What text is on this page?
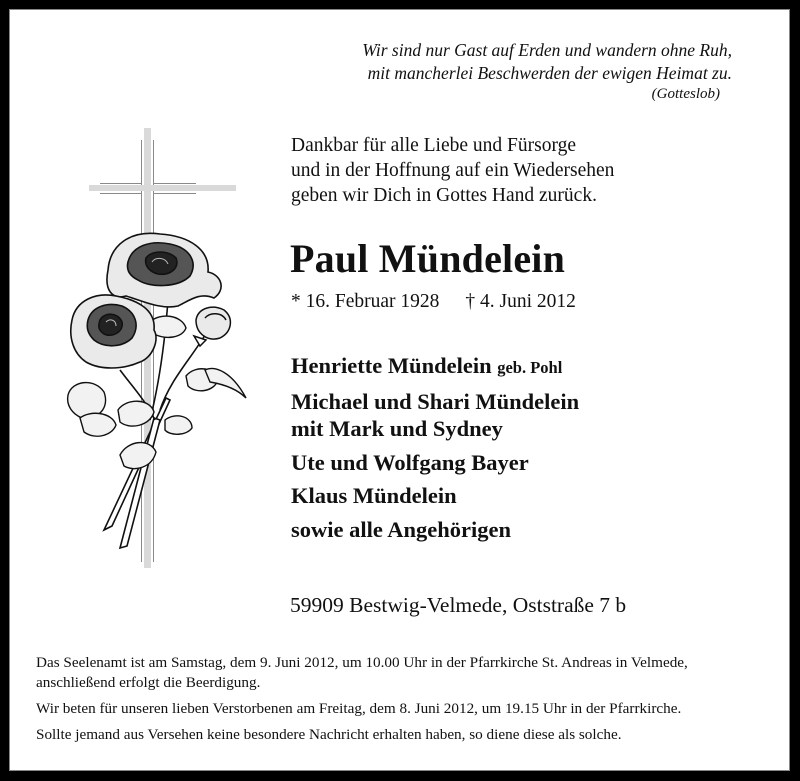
Wir sind nur Gast auf Erden und wandern ohne Ruh,
mit mancherlei Beschwerden der ewigen Heimat zu.
(Gotteslob)
Dankbar für alle Liebe und Fürsorge
und in der Hoffnung auf ein Wiedersehen
geben wir Dich in Gottes Hand zurück.
Paul Mündelein
* 16. Februar 1928 † 4. Juni 2012
Henriette Mündelein geb. Pohl
Michael und Shari Mündelein
mit Mark und Sydney
Ute und Wolfgang Bayer
Klaus Mündelein
sowie alle Angehörigen
59909 Bestwig-Velmede, Oststraße 7 b
Das Seelenamt ist am Samstag, dem 9. Juni 2012, um 10.00 Uhr in der Pfarrkirche St. Andreas in Velmede,
anschließend erfolgt die Beerdigung.
Wir beten für unseren lieben Verstorbenen am Freitag, dem 8. Juni 2012, um 19.15 Uhr in der Pfarrkirche.
Sollte jemand aus Versehen keine besondere Nachricht erhalten haben, so diene diese als solche.
